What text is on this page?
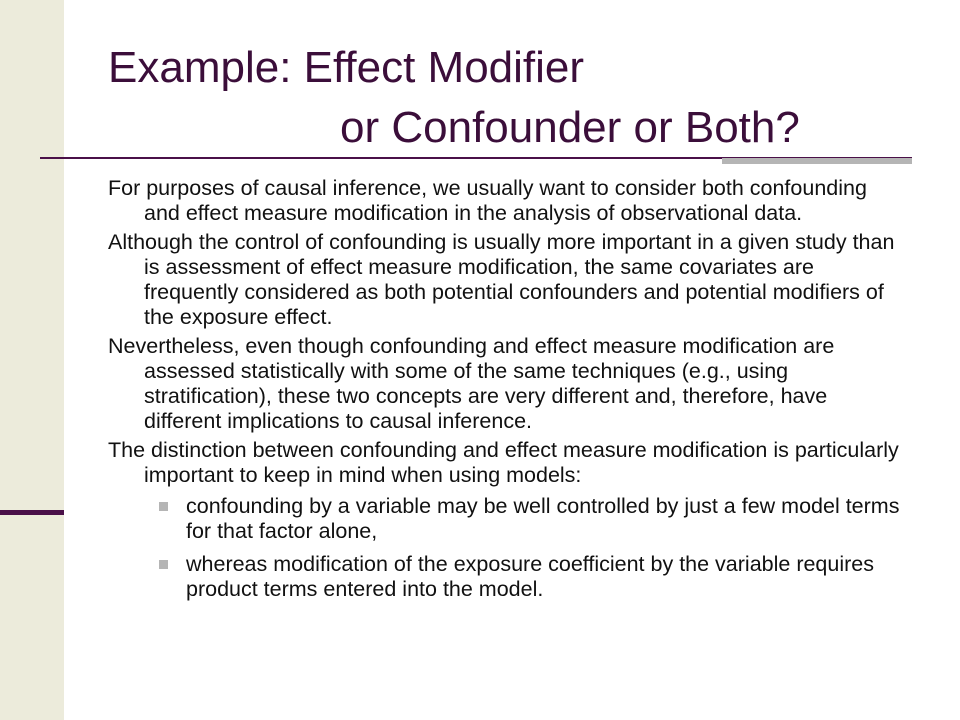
Example: Effect Modifier
or Confounder or Both?

For purposes of causal inference, we usually want to consider both confounding and effect measure modification in the analysis of observational data.

Although the control of confounding is usually more important in a given study than is assessment of effect measure modification, the same covariates are frequently considered as both potential confounders and potential modifiers of the exposure effect.

Nevertheless, even though confounding and effect measure modification are assessed statistically with some of the same techniques (e.g., using stratification), these two concepts are very different and, therefore, have different implications to causal inference.

The distinction between confounding and effect measure modification is particularly important to keep in mind when using models:

confounding by a variable may be well controlled by just a few model terms for that factor alone,
whereas modification of the exposure coefficient by the variable requires product terms entered into the model.
